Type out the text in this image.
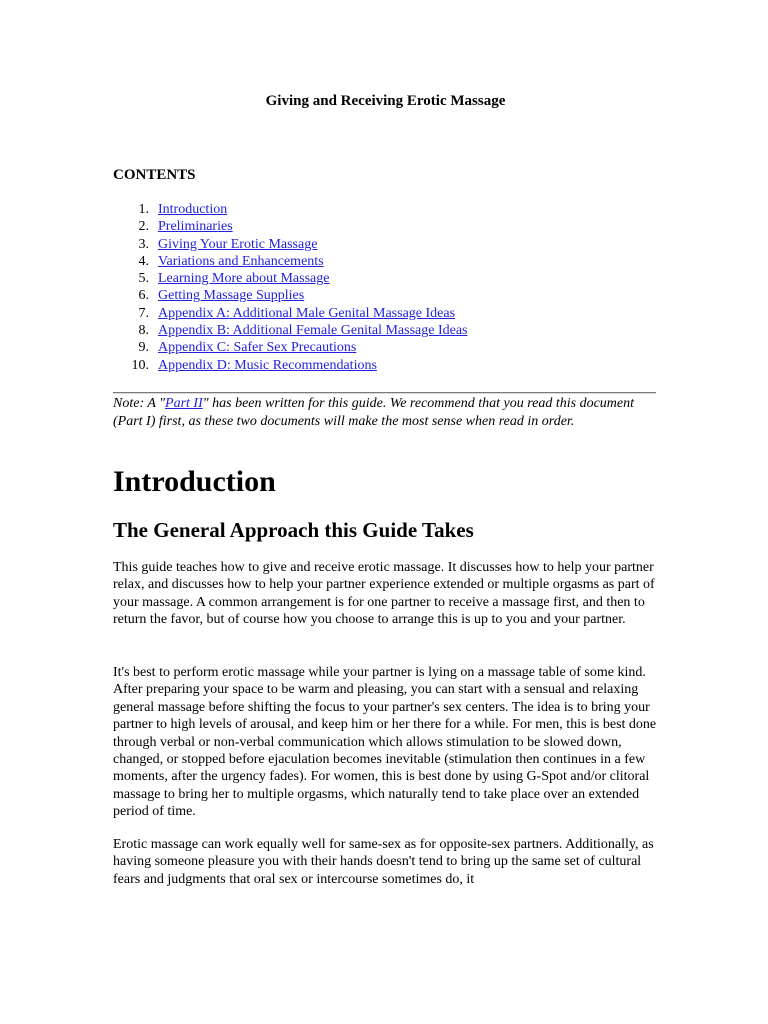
Giving and Receiving Erotic Massage
CONTENTS
1. Introduction
2. Preliminaries
3. Giving Your Erotic Massage
4. Variations and Enhancements
5. Learning More about Massage
6. Getting Massage Supplies
7. Appendix A: Additional Male Genital Massage Ideas
8. Appendix B: Additional Female Genital Massage Ideas
9. Appendix C: Safer Sex Precautions
10. Appendix D: Music Recommendations

Note: A "Part II" has been written for this guide. We recommend that you read this document (Part I) first, as these two documents will make the most sense when read in order.

Introduction
The General Approach this Guide Takes

This guide teaches how to give and receive erotic massage. It discusses how to help your partner relax, and discusses how to help your partner experience extended or multiple orgasms as part of your massage. A common arrangement is for one partner to receive a massage first, and then to return the favor, but of course how you choose to arrange this is up to you and your partner.

It's best to perform erotic massage while your partner is lying on a massage table of some kind. After preparing your space to be warm and pleasing, you can start with a sensual and relaxing general massage before shifting the focus to your partner's sex centers. The idea is to bring your partner to high levels of arousal, and keep him or her there for a while. For men, this is best done through verbal or non-verbal communication which allows stimulation to be slowed down, changed, or stopped before ejaculation becomes inevitable (stimulation then continues in a few moments, after the urgency fades). For women, this is best done by using G-Spot and/or clitoral massage to bring her to multiple orgasms, which naturally tend to take place over an extended period of time.

Erotic massage can work equally well for same-sex as for opposite-sex partners. Additionally, as having someone pleasure you with their hands doesn't tend to bring up the same set of cultural fears and judgments that oral sex or intercourse sometimes do, it
